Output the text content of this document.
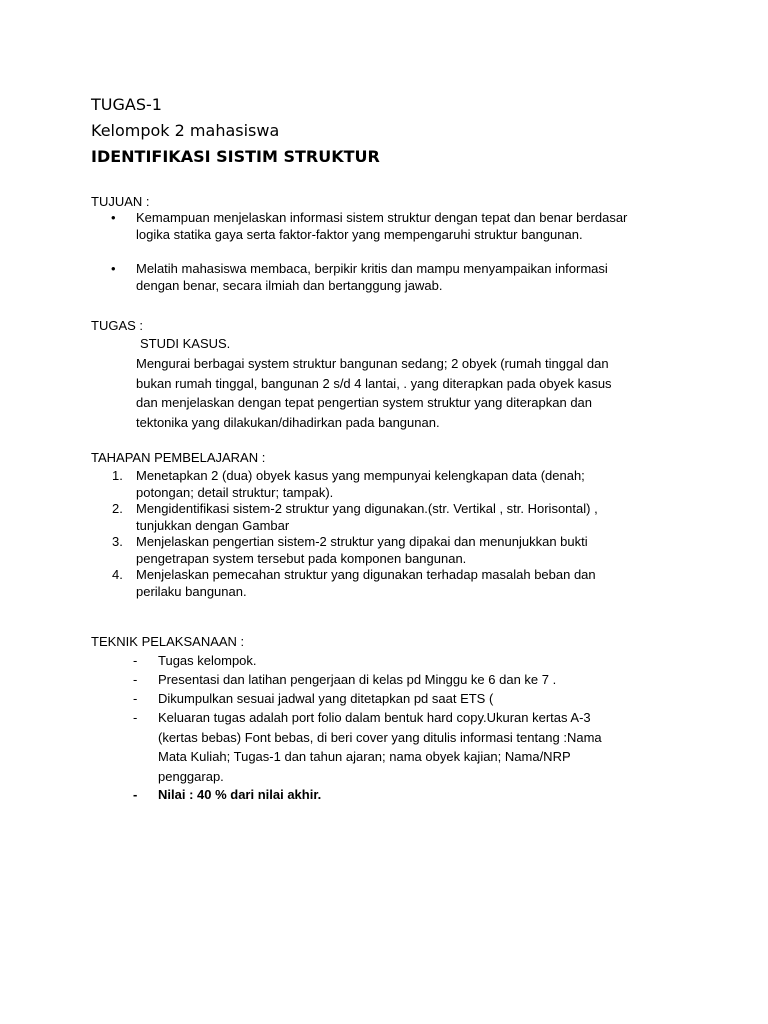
TUGAS-1
Kelompok 2 mahasiswa
IDENTIFIKASI SISTIM STRUKTUR
TUJUAN :
• Kemampuan menjelaskan informasi sistem struktur dengan tepat dan benar berdasar logika statika gaya serta faktor-faktor yang mempengaruhi struktur bangunan.
• Melatih mahasiswa membaca, berpikir kritis dan mampu menyampaikan informasi dengan benar, secara ilmiah dan bertanggung jawab.
TUGAS :
STUDI KASUS.
Mengurai berbagai system struktur bangunan sedang; 2 obyek (rumah tinggal dan bukan rumah tinggal, bangunan 2 s/d 4 lantai, . yang diterapkan pada obyek kasus dan menjelaskan dengan tepat pengertian system struktur yang diterapkan dan tektonika yang dilakukan/dihadirkan pada bangunan.
TAHAPAN PEMBELAJARAN :
1. Menetapkan 2 (dua) obyek kasus yang mempunyai kelengkapan data (denah; potongan; detail struktur; tampak).
2. Mengidentifikasi sistem-2 struktur yang digunakan.(str. Vertikal , str. Horisontal) , tunjukkan dengan Gambar
3. Menjelaskan pengertian sistem-2 struktur yang dipakai dan menunjukkan bukti pengetrapan system tersebut pada komponen bangunan.
4. Menjelaskan pemecahan struktur yang digunakan terhadap masalah beban dan perilaku bangunan.
TEKNIK PELAKSANAAN :
- Tugas kelompok.
- Presentasi dan latihan pengerjaan di kelas pd Minggu ke 6 dan ke 7 .
- Dikumpulkan sesuai jadwal yang ditetapkan pd saat ETS (
- Keluaran tugas adalah port folio dalam bentuk hard copy.Ukuran kertas A-3 (kertas bebas) Font bebas, di beri cover yang ditulis informasi tentang :Nama Mata Kuliah; Tugas-1 dan tahun ajaran; nama obyek kajian; Nama/NRP penggarap.
- Nilai : 40 % dari nilai akhir.
